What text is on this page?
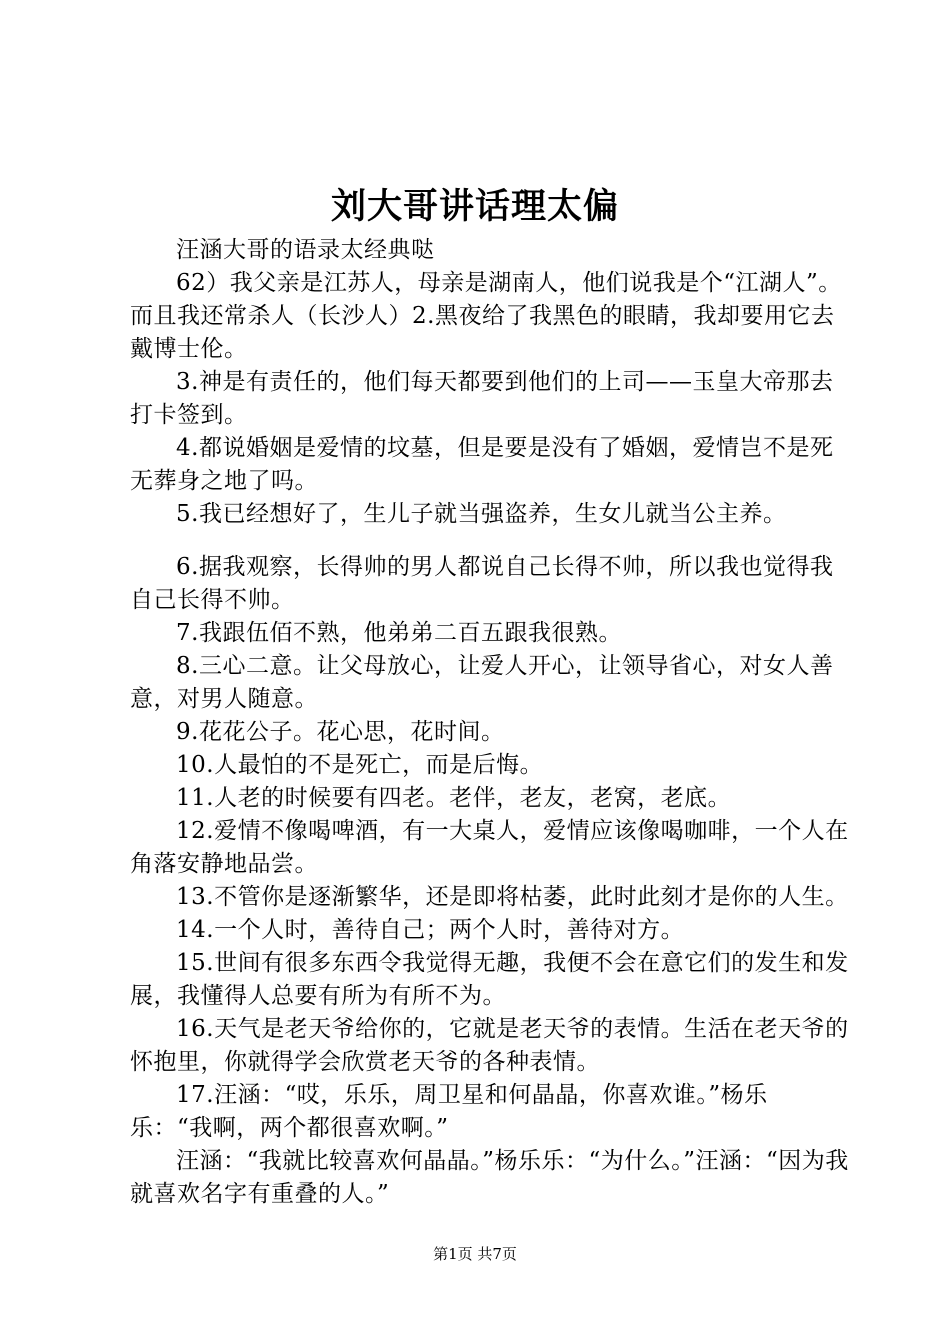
刘大哥讲话理太偏

汪涵大哥的语录太经典哒

62）我父亲是江苏人，母亲是湖南人，他们说我是个“江湖人”。而且我还常杀人（长沙人）2.黑夜给了我黑色的眼睛，我却要用它去戴博士伦。

3.神是有责任的，他们每天都要到他们的上司——玉皇大帝那去打卡签到。

4.都说婚姻是爱情的坟墓，但是要是没有了婚姻，爱情岂不是死无葬身之地了吗。

5.我已经想好了，生儿子就当强盗养，生女儿就当公主养。

6.据我观察，长得帅的男人都说自己长得不帅，所以我也觉得我自己长得不帅。

7.我跟伍佰不熟，他弟弟二百五跟我很熟。

8.三心二意。让父母放心，让爱人开心，让领导省心，对女人善意，对男人随意。

9.花花公子。花心思，花时间。

10.人最怕的不是死亡，而是后悔。

11.人老的时候要有四老。老伴，老友，老窝，老底。

12.爱情不像喝啤酒，有一大桌人，爱情应该像喝咖啡，一个人在角落安静地品尝。

13.不管你是逐渐繁华，还是即将枯萎，此时此刻才是你的人生。

14.一个人时，善待自己；两个人时，善待对方。

15.世间有很多东西令我觉得无趣，我便不会在意它们的发生和发展，我懂得人总要有所为有所不为。

16.天气是老天爷给你的，它就是老天爷的表情。生活在老天爷的怀抱里，你就得学会欣赏老天爷的各种表情。

17.汪涵：“哎，乐乐，周卫星和何晶晶，你喜欢谁。”杨乐乐：“我啊，两个都很喜欢啊。”

汪涵：“我就比较喜欢何晶晶。”杨乐乐：“为什么。”汪涵：“因为我就喜欢名字有重叠的人。”

第1页 共7页
